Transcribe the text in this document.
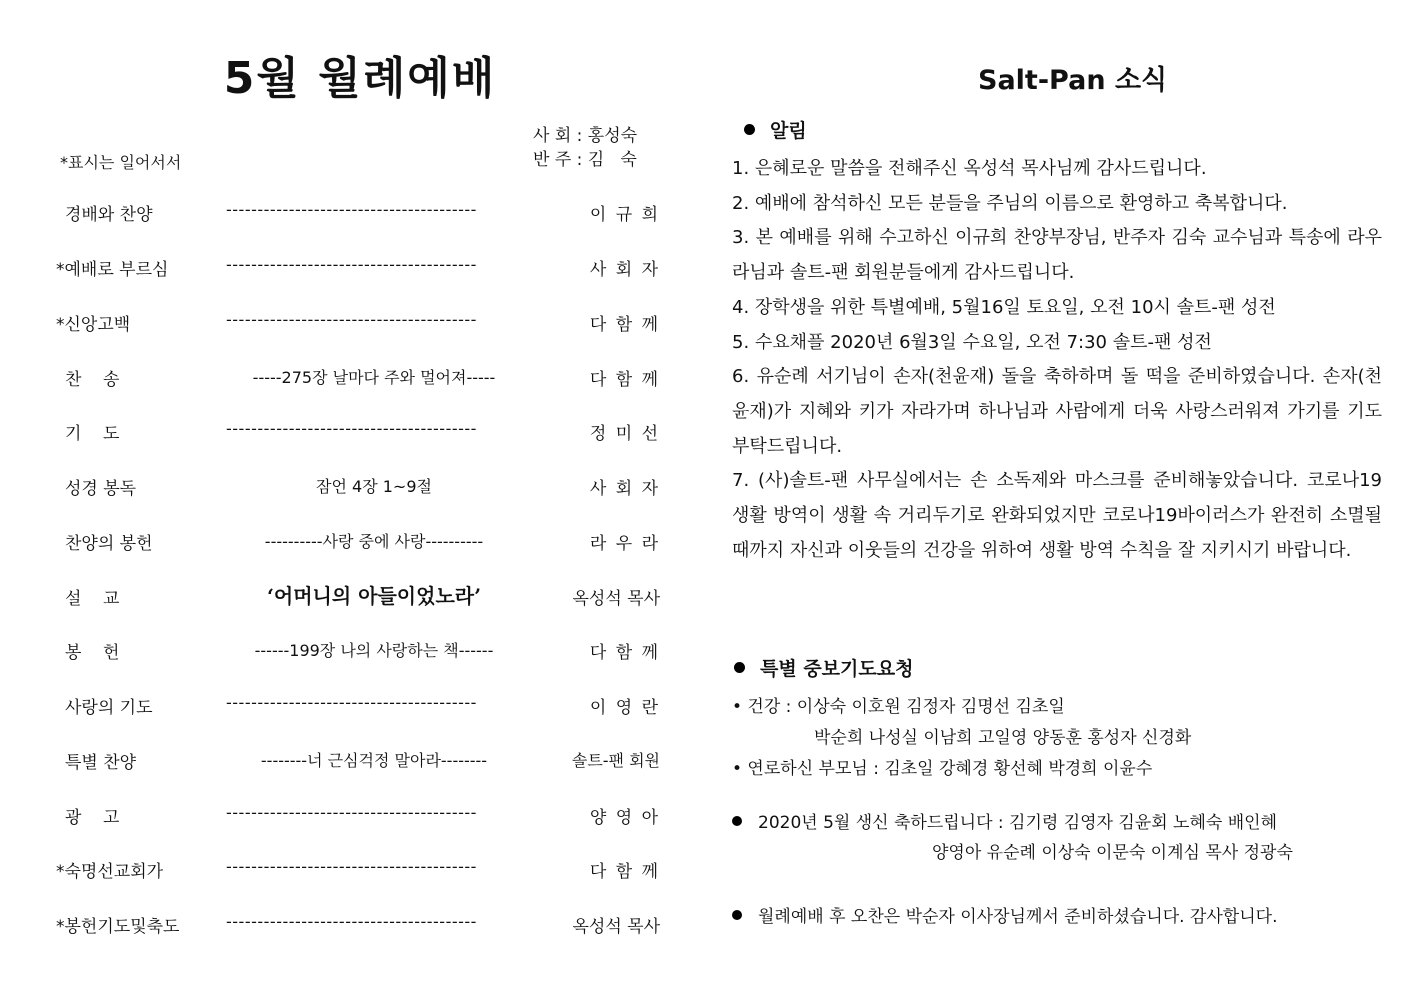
5월 월례예배
사 회 : 홍성숙
반 주 : 김   숙
*표시는 일어서서
경배와 찬양	----------------------------------------	이 규 희
*예배로 부르심	----------------------------------------	사 회 자
*신앙고백	----------------------------------------	다 함 께
찬    송	-----275장 날마다 주와 멀어져-----	다 함 께
기    도	----------------------------------------	정 미 선
성경 봉독	잠언 4장 1~9절	사 회 자
찬양의 봉헌	----------사랑 중에 사랑----------	라 우 라
설    교	‘어머니의 아들이었노라’	옥성석 목사
봉    헌	------199장 나의 사랑하는 책------	다 함 께
사랑의 기도	----------------------------------------	이 영 란
특별 찬양	--------너 근심걱정 말아라--------	솔트-팬 회원
광    고	----------------------------------------	양 영 아
*숙명선교회가	----------------------------------------	다 함 께
*봉헌기도및축도	----------------------------------------	옥성석 목사
Salt-Pan 소식
알림

1. 은혜로운 말씀을 전해주신 옥성석 목사님께 감사드립니다.

2. 예배에 참석하신 모든 분들을 주님의 이름으로 환영하고 축복합니다.

3. 본 예배를 위해 수고하신 이규희 찬양부장님, 반주자 김숙 교수님과 특송에 라우라님과 솔트-팬 회원분들에게 감사드립니다.

4. 장학생을 위한 특별예배, 5월16일 토요일, 오전 10시 솔트-팬 성전

5. 수요채플 2020년 6월3일 수요일, 오전 7:30 솔트-팬 성전

6. 유순례 서기님이 손자(천윤재) 돌을 축하하며 돌 떡을 준비하였습니다. 손자(천윤재)가 지혜와 키가 자라가며 하나님과 사람에게 더욱 사랑스러워져 가기를 기도 부탁드립니다.

7. (사)솔트-팬 사무실에서는 손 소독제와 마스크를 준비해놓았습니다. 코로나19 생활 방역이 생활 속 거리두기로 완화되었지만 코로나19바이러스가 완전히 소멸될 때까지 자신과 이웃들의 건강을 위하여 생활 방역 수칙을 잘 지키시기 바랍니다.

특별 중보기도요청
• 건강 : 이상숙 이호원 김정자 김명선 김초일
박순희 나성실 이남희 고일영 양동훈 홍성자 신경화
• 연로하신 부모님 : 김초일 강혜경 황선혜 박경희 이윤수
2020년 5월 생신 축하드립니다 : 김기령 김영자 김윤회 노혜숙 배인혜
양영아 유순례 이상숙 이문숙 이계심 목사 정광숙
월례예배 후 오찬은 박순자 이사장님께서 준비하셨습니다. 감사합니다.
